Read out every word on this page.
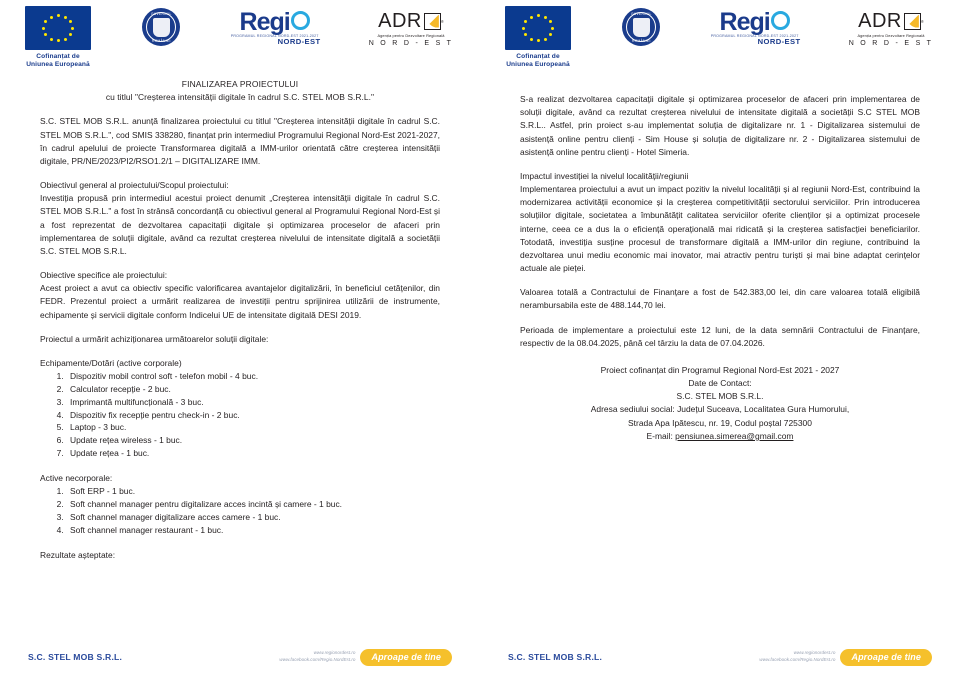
Cofinanțat de
Uniunea Europeană
GUVERNUL
ROMÂNIEI
Regi
NORD-EST
PROGRAMUL REGIONAL NORD-EST 2021-2027
ADR	®
Agenția pentru Dezvoltare Regională
N O R D - E S T
FINALIZAREA PROIECTULUI
cu titlul "Creșterea intensității digitale în cadrul S.C. STEL MOB S.R.L."

S.C. STEL MOB S.R.L. anunță finalizarea proiectului cu titlul "Creșterea intensității digitale în cadrul S.C. STEL MOB S.R.L.", cod SMIS 338280, finanțat prin intermediul Programului Regional Nord-Est 2021-2027, în cadrul apelului de proiecte Transformarea digitală a IMM-urilor orientată către creșterea intensității digitale, PR/NE/2023/PI2/RSO1.2/1 – DIGITALIZARE IMM.

Obiectivul general al proiectului/Scopul proiectului:

Investiția propusă prin intermediul acestui proiect denumit „Creșterea intensității digitale în cadrul S.C. STEL MOB S.R.L." a fost în strânsă concordanță cu obiectivul general al Programului Regional Nord-Est și a fost reprezentat de dezvoltarea capacitații digitale și optimizarea proceselor de afaceri prin implementarea de soluții digitale, având ca rezultat creșterea nivelului de intensitate digitală a societății S.C. STEL MOB S.R.L.

Obiective specifice ale proiectului:

Acest proiect a avut ca obiectiv specific valorificarea avantajelor digitalizării, în beneficiul cetățenilor, din FEDR. Prezentul proiect a urmărit realizarea de investiții pentru sprijinirea utilizării de instrumente, echipamente și servicii digitale conform Indicelui UE de intensitate digitală DESI 2019.

Proiectul a urmărit achiziționarea următoarelor soluții digitale:

Echipamente/Dotări (active corporale)

1. Dispozitiv mobil control soft - telefon mobil - 4 buc.
2. Calculator recepție - 2 buc.
3. Imprimantă multifuncțională - 3 buc.
4. Dispozitiv fix recepție pentru check-in - 2 buc.
5. Laptop - 3 buc.
6. Update rețea wireless - 1 buc.
7. Update rețea - 1 buc.

Active necorporale:

1. Soft ERP - 1 buc.
2. Soft channel manager pentru digitalizare acces incintă și camere - 1 buc.
3. Soft channel manager digitalizare acces camere - 1 buc.
4. Soft channel manager restaurant - 1 buc.

Rezultate așteptate:

S.C. STEL MOB S.R.L.	www.regionordest.ro
www.facebook.com/Regio.NordEst.ro	Aproape de tine
Cofinanțat de
Uniunea Europeană
GUVERNUL
ROMÂNIEI
Regi
NORD-EST
PROGRAMUL REGIONAL NORD-EST 2021-2027
ADR	®
Agenția pentru Dezvoltare Regională
N O R D - E S T

S-a realizat dezvoltarea capacitații digitale și optimizarea proceselor de afaceri prin implementarea de soluții digitale, având ca rezultat creșterea nivelului de intensitate digitală a societății S.C STEL MOB S.R.L.. Astfel, prin proiect s-au implementat soluția de digitalizare nr. 1 - Digitalizarea sistemului de asistență online pentru clienți - Sim House și soluția de digitalizare nr. 2 - Digitalizarea sistemului de asistență online pentru clienți - Hotel Simeria.

Impactul investiției la nivelul localității/regiunii

Implementarea proiectului a avut un impact pozitiv la nivelul localității și al regiunii Nord-Est, contribuind la modernizarea activității economice și la creșterea competitivității sectorului serviciilor. Prin introducerea soluțiilor digitale, societatea a îmbunătățit calitatea serviciilor oferite clienților și a optimizat procesele interne, ceea ce a dus la o eficiență operațională mai ridicată și la creșterea satisfacției beneficiarilor. Totodată, investiția susține procesul de transformare digitală a IMM-urilor din regiune, contribuind la dezvoltarea unui mediu economic mai inovator, mai atractiv pentru turiști și mai bine adaptat cerințelor actuale ale pieței.

Valoarea totală a Contractului de Finanțare a fost de 542.383,00 lei, din care valoarea totală eligibilă nerambursabila este de 488.144,70 lei.

Perioada de implementare a proiectului este 12 luni, de la data semnării Contractului de Finanțare, respectiv de la 08.04.2025, până cel târziu la data de 07.04.2026.

Proiect cofinanțat din Programul Regional Nord-Est 2021 - 2027
Date de Contact:
S.C. STEL MOB S.R.L.
Adresa sediului social: Județul Suceava, Localitatea Gura Humorului,
Strada Apa Ipătescu, nr. 19, Codul poștal 725300
E-mail: pensiunea.simerea@gmail.com
S.C. STEL MOB S.R.L.	www.regionordest.ro
www.facebook.com/Regio.NordEst.ro	Aproape de tine
